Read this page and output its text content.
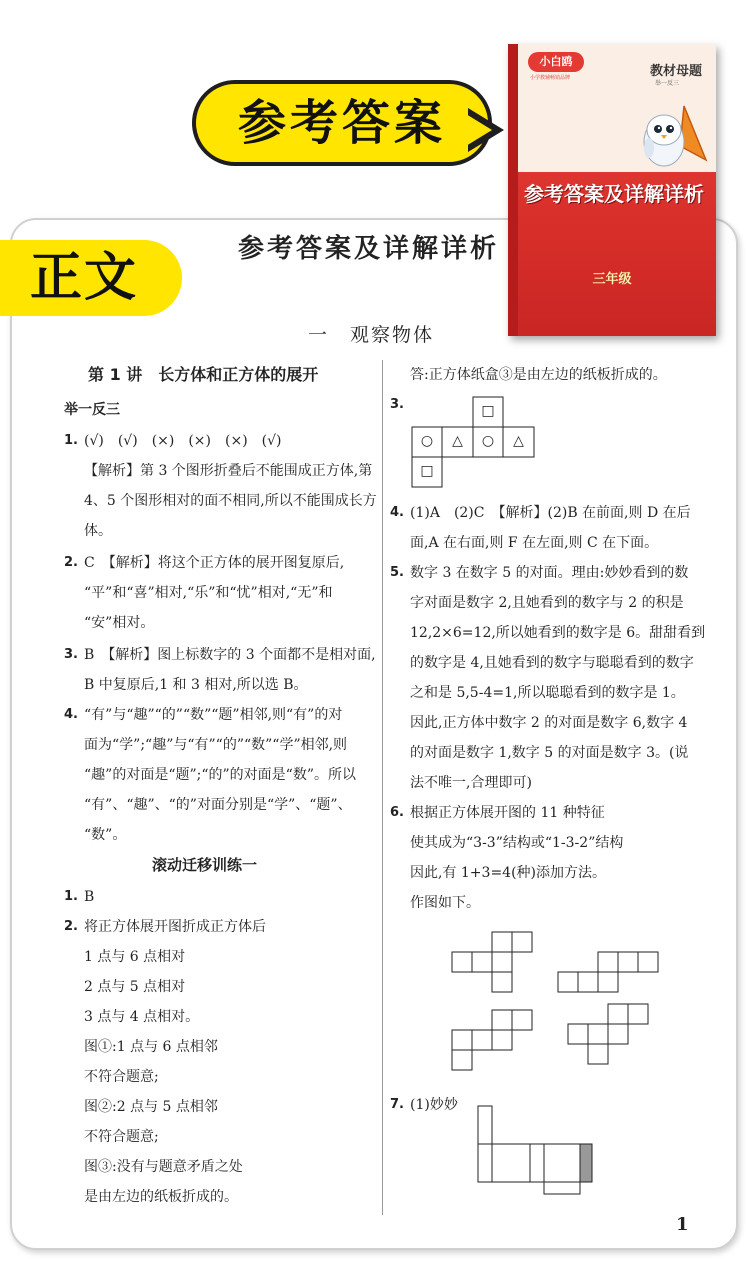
参考答案
正文	参考答案及详解详析
小白鸥
小学教辅畅销品牌	教材母题
举一反三
参考答案及详解详析
三年级
一　观察物体
第 1 讲　长方体和正方体的展开
举一反三
1. (√)　(√)　(×)　(×)　(×)　(√)
【解析】第 3 个图形折叠后不能围成正方体,第
4、5 个图形相对的面不相同,所以不能围成长方
体。
2. C　【解析】将这个正方体的展开图复原后,
“平”和“喜”相对,“乐”和“忧”相对,“无”和
“安”相对。
3. B　【解析】图上标数字的 3 个面都不是相对面,
B 中复原后,1 和 3 相对,所以选 B。
4. “有”与“趣”“的”“数”“题”相邻,则“有”的对
面为“学”;“趣”与“有”“的”“数”“学”相邻,则
“趣”的对面是“题”;“的”的对面是“数”。所以
“有”、“趣”、“的”对面分别是“学”、“题”、
“数”。
滚动迁移训练一
1. B
2. 将正方体展开图折成正方体后
1 点与 6 点相对
2 点与 5 点相对
3 点与 4 点相对。
图①:1 点与 6 点相邻
不符合题意;
图②:2 点与 5 点相邻
不符合题意;
图③:没有与题意矛盾之处
是由左边的纸板折成的。
答:正方体纸盒③是由左边的纸板折成的。
3.	□
○	△	○	△
□
4. (1)A　(2)C　【解析】(2)B 在前面,则 D 在后
面,A 在右面,则 F 在左面,则 C 在下面。
5. 数字 3 在数字 5 的对面。理由:妙妙看到的数
字对面是数字 2,且她看到的数字与 2 的积是
12,2×6=12,所以她看到的数字是 6。甜甜看到
的数字是 4,且她看到的数字与聪聪看到的数字
之和是 5,5-4=1,所以聪聪看到的数字是 1。
因此,正方体中数字 2 的对面是数字 6,数字 4
的对面是数字 1,数字 5 的对面是数字 3。(说
法不唯一,合理即可)
6. 根据正方体展开图的 11 种特征
使其成为“3-3”结构或“1-3-2”结构
因此,有 1+3=4(种)添加方法。
作图如下。
7. (1)妙妙
1
